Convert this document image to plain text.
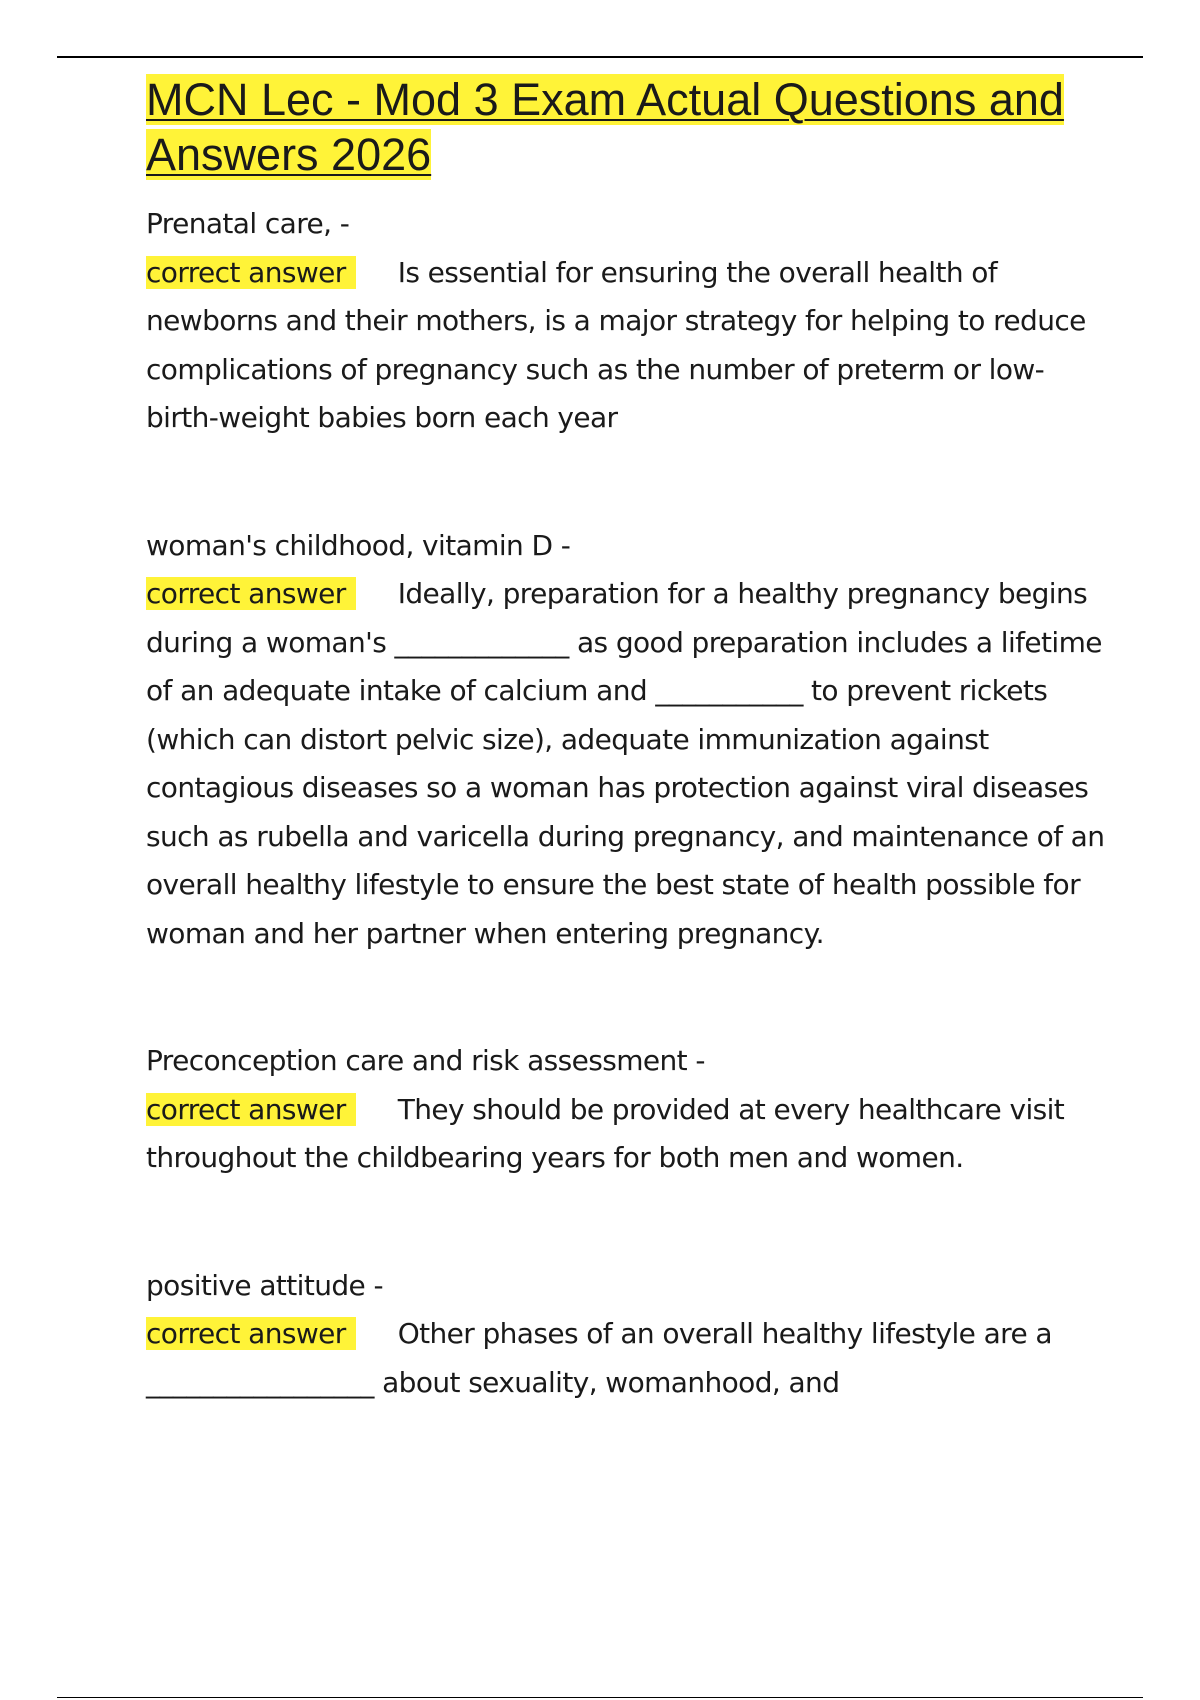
MCN Lec - Mod 3 Exam Actual Questions and Answers 2026
Prenatal care, -
correct answer Is essential for ensuring the overall health of newborns and their mothers, is a major strategy for helping to reduce complications of pregnancy such as the number of preterm or low-birth-weight babies born each year
woman's childhood, vitamin D -
correct answer Ideally, preparation for a healthy pregnancy begins during a woman's _____________ as good preparation includes a lifetime of an adequate intake of calcium and ___________ to prevent rickets (which can distort pelvic size), adequate immunization against contagious diseases so a woman has protection against viral diseases such as rubella and varicella during pregnancy, and maintenance of an overall healthy lifestyle to ensure the best state of health possible for woman and her partner when entering pregnancy.
Preconception care and risk assessment -
correct answer They should be provided at every healthcare visit throughout the childbearing years for both men and women.
positive attitude -
correct answer Other phases of an overall healthy lifestyle are a _________________ about sexuality, womanhood, and
